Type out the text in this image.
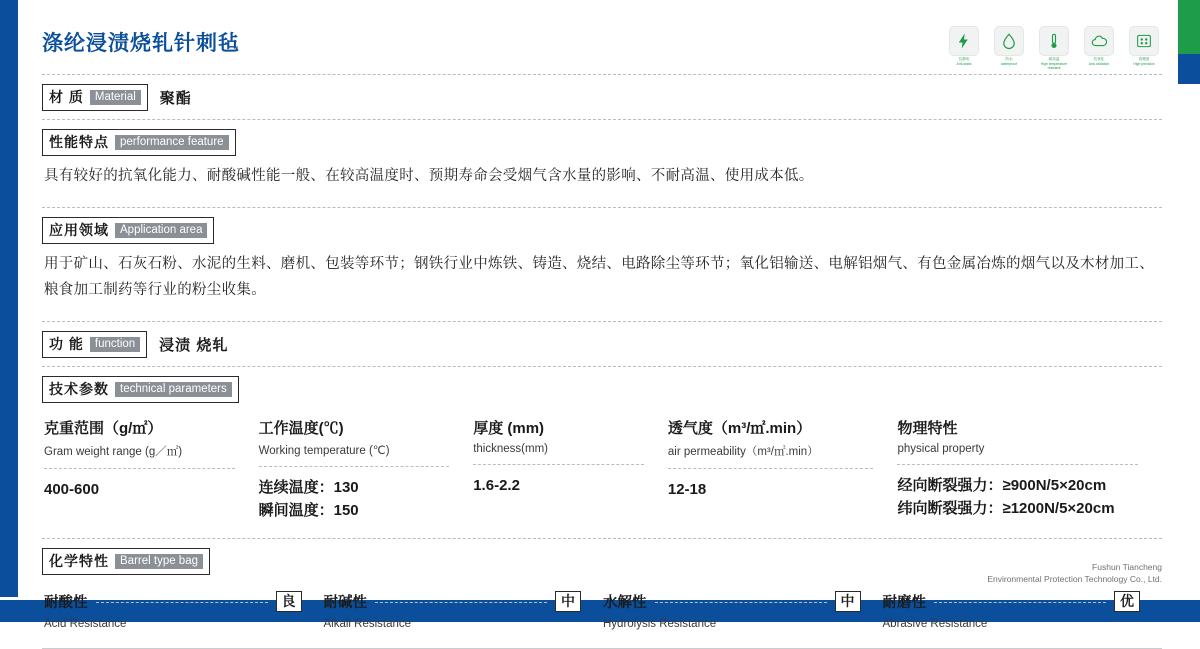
涤纶浸渍烧轧针刺毡
抗静电
Anti-static
防水
waterproof
耐高温
High temperature resistant
抗氧化
Anti-oxidation
高精度
High precision
材 质 Material	聚酯
性能特点 performance feature
具有较好的抗氧化能力、耐酸碱性能一般、在较高温度时、预期寿命会受烟气含水量的影响、不耐高温、使用成本低。
应用领域 Application area
用于矿山、石灰石粉、水泥的生料、磨机、包装等环节；钢铁行业中炼铁、铸造、烧结、电路除尘等环节；氧化铝输送、电解铝烟气、有色金属冶炼的烟气以及木材加工、粮食加工制药等行业的粉尘收集。
功 能 function	浸渍 烧轧
技术参数 technical parameters
克重范围（g/㎡）
Gram weight range (g／㎡)
400-600
工作温度(℃)
Working temperature (℃)
连续温度：130
瞬间温度：150
厚度 (mm)
thickness(mm)
1.6-2.2
透气度（m³/㎡.min）
air permeability（m³/㎡.min）
12-18
物理特性
physical property
经向断裂强力：≥900N/5×20cm
纬向断裂强力：≥1200N/5×20cm
化学特性 Barrel type bag
耐酸性	良
Acid Resistance
耐碱性	中
Alkali Resistance
水解性	中
Hydrolysis Resistance
耐磨性	优
Abrasive Resistance
Fushun Tiancheng
Environmental Protection Technology Co., Ltd.
